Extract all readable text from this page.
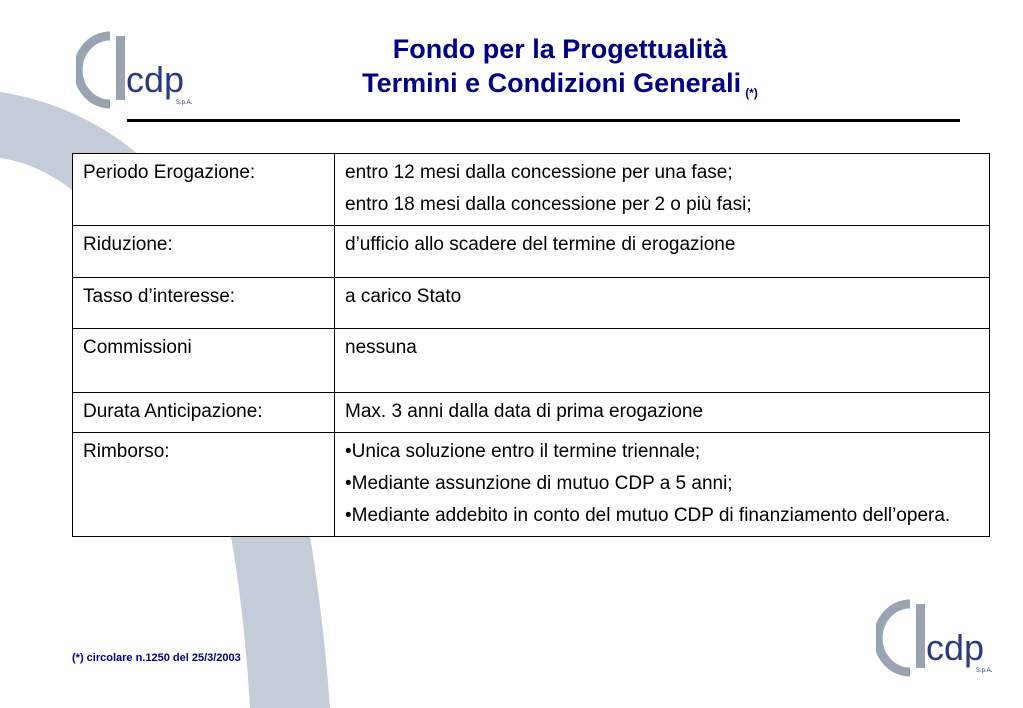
cdp
S.p.A.
Fondo per la Progettualità
Termini e Condizioni Generali (*)
Periodo Erogazione:	entro 12 mesi dalla concessione per una fase;

entro 18 mesi dalla concessione per 2 o più fasi;

Riduzione:	d’ufficio allo scadere del termine di erogazione

Tasso d’interesse:	a carico Stato

Commissioni	nessuna

Durata Anticipazione:	Max. 3 anni dalla data di prima erogazione

Rimborso:	•Unica soluzione entro il termine triennale;

•Mediante assunzione di mutuo CDP a 5 anni;

•Mediante addebito in conto del mutuo CDP di finanziamento dell’opera.

(*) circolare n.1250 del 25/3/2003	cdp
S.p.A.
